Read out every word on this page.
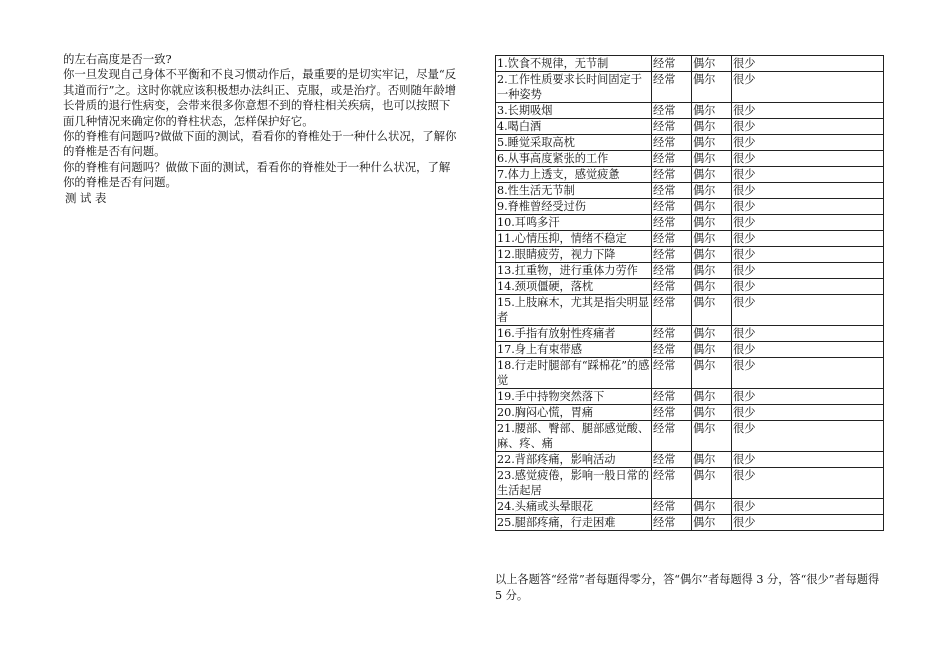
的左右高度是否一致?

你一旦发现自己身体不平衡和不良习惯动作后，最重要的是切实牢记，尽量“反其道而行”之。这时你就应该积极想办法纠正、克服，或是治疗。否则随年龄增长骨质的退行性病变，会带来很多你意想不到的脊柱相关疾病，也可以按照下面几种情况来确定你的脊柱状态，怎样保护好它。

你的脊椎有问题吗?做做下面的测试，看看你的脊椎处于一种什么状况，了解你的脊椎是否有问题。

你的脊椎有问题吗？做做下面的测试，看看你的脊椎处于一种什么状况，了解你的脊椎是否有问题。

测 试 表

1.饮食不规律，无节制	经常	偶尔	很少
2.工作性质要求长时间固定于一种姿势	经常	偶尔	很少
3.长期吸烟	经常	偶尔	很少
4.喝白酒	经常	偶尔	很少
5.睡觉采取高枕	经常	偶尔	很少
6.从事高度紧张的工作	经常	偶尔	很少
7.体力上透支，感觉疲惫	经常	偶尔	很少
8.性生活无节制	经常	偶尔	很少
9.脊椎曾经受过伤	经常	偶尔	很少
10.耳鸣多汗	经常	偶尔	很少
11.心情压抑，情绪不稳定	经常	偶尔	很少
12.眼睛疲劳，视力下降	经常	偶尔	很少
13.扛重物，进行重体力劳作	经常	偶尔	很少
14.颈项僵硬，落枕	经常	偶尔	很少
15.上肢麻木，尤其是指尖明显者	经常	偶尔	很少
16.手指有放射性疼痛者	经常	偶尔	很少
17.身上有束带感	经常	偶尔	很少
18.行走时腿部有“踩棉花”的感觉	经常	偶尔	很少
19.手中持物突然落下	经常	偶尔	很少
20.胸闷心慌，胃痛	经常	偶尔	很少
21.腰部、臀部、腿部感觉酸、麻、疼、痛	经常	偶尔	很少
22.背部疼痛，影响活动	经常	偶尔	很少
23.感觉疲倦，影响一般日常的生活起居	经常	偶尔	很少
24.头痛或头晕眼花	经常	偶尔	很少
25.腿部疼痛，行走困难	经常	偶尔	很少
以上各题答“经常”者每题得零分，答“偶尔”者每题得 3 分，答“很少”者每题得 5 分。
